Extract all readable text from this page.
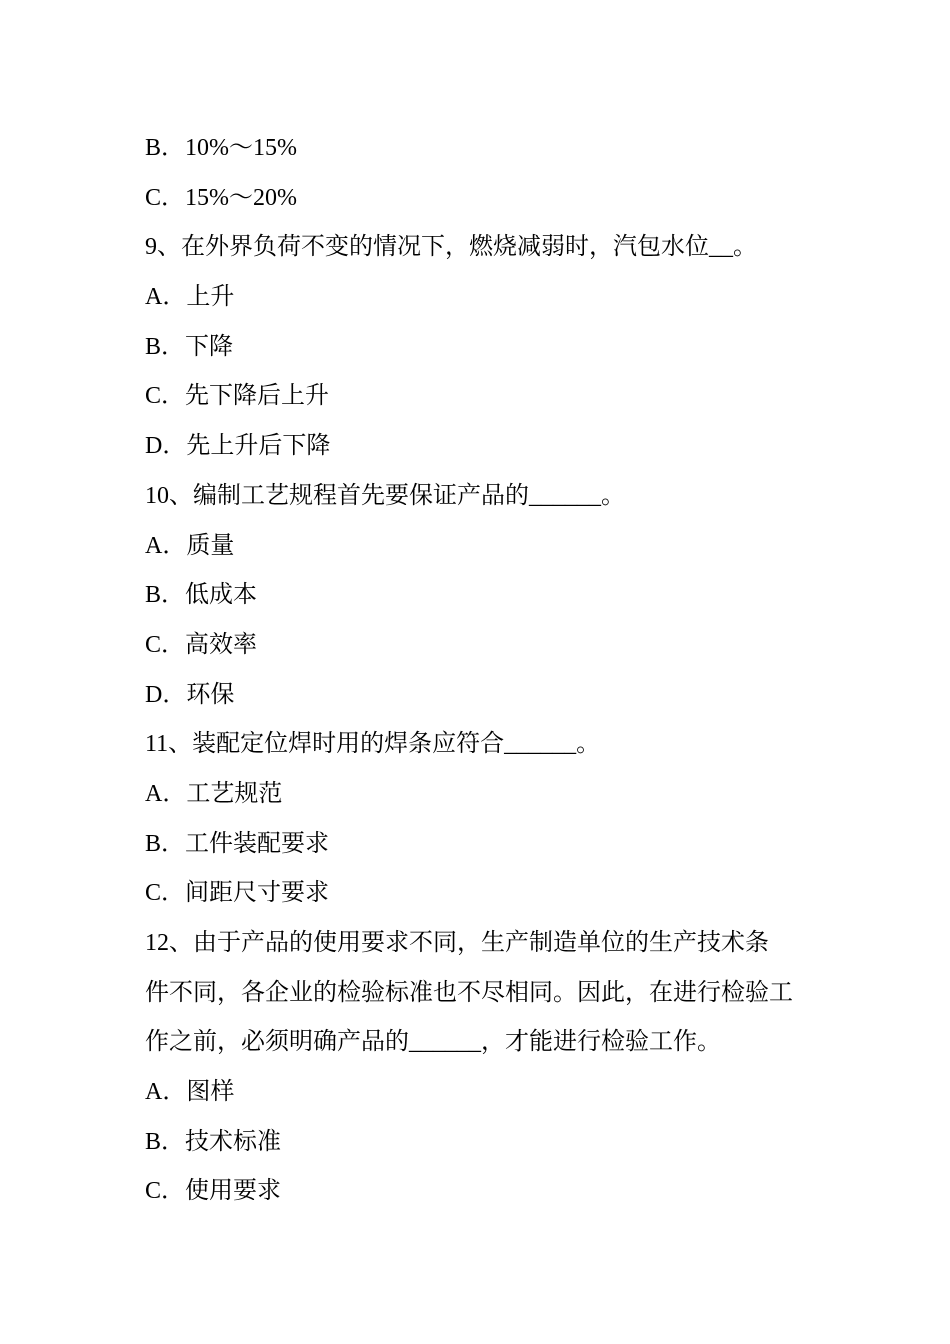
B．10%～15%
C．15%～20%
9、在外界负荷不变的情况下，燃烧减弱时，汽包水位__。
A．上升
B．下降
C．先下降后上升
D．先上升后下降
10、编制工艺规程首先要保证产品的______。
A．质量
B．低成本
C．高效率
D．环保
11、装配定位焊时用的焊条应符合______。
A．工艺规范
B．工件装配要求
C．间距尺寸要求
12、由于产品的使用要求不同，生产制造单位的生产技术条
件不同，各企业的检验标准也不尽相同。因此，在进行检验工
作之前，必须明确产品的______，才能进行检验工作。
A．图样
B．技术标准
C．使用要求
